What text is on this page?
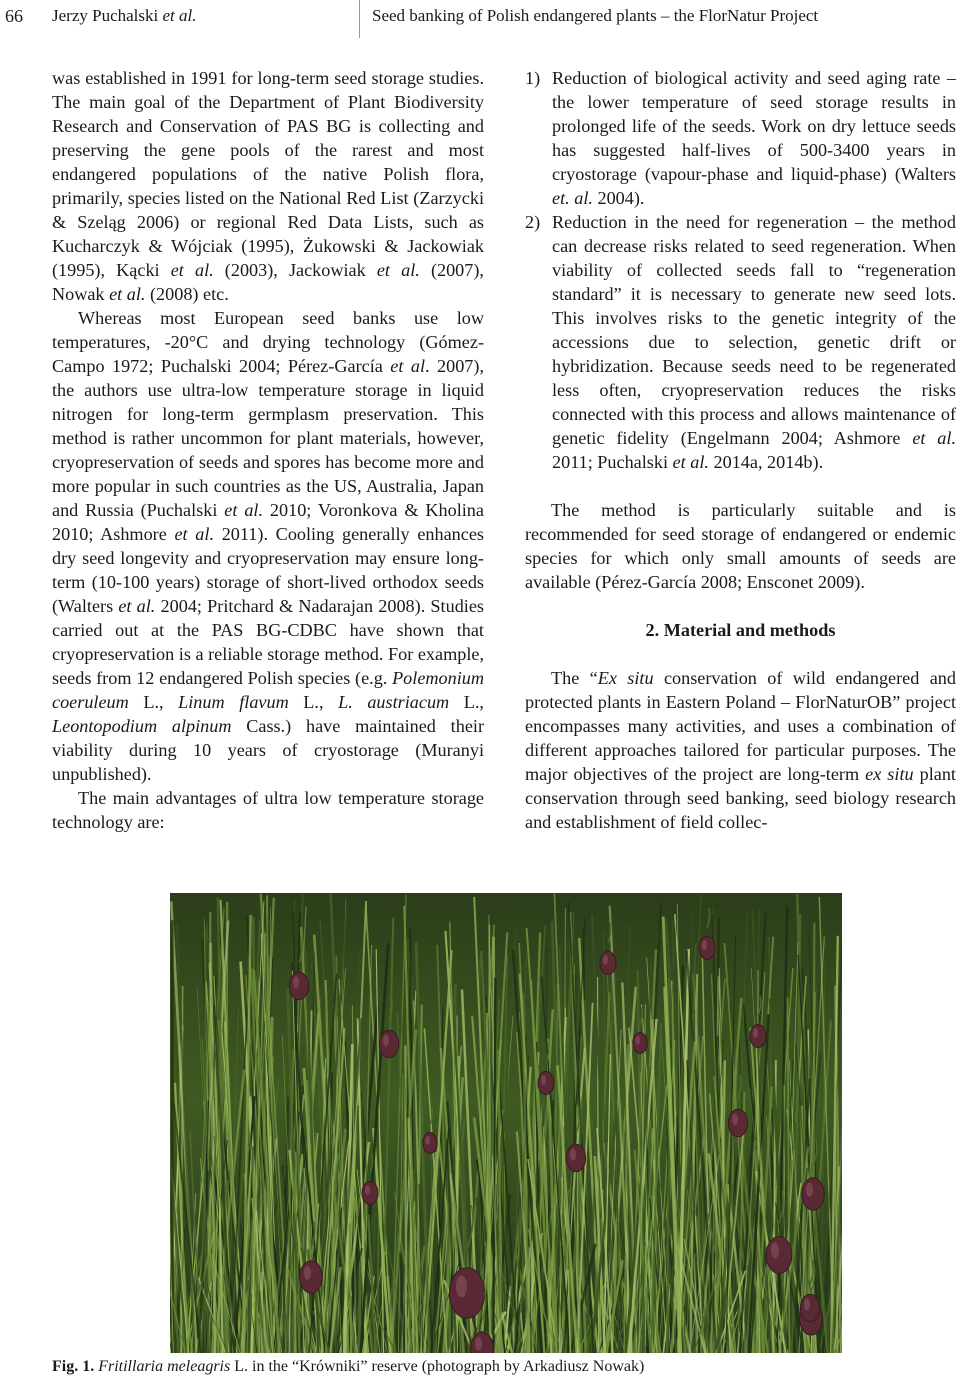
66 Jerzy Puchalski et al.	Seed banking of Polish endangered plants – the FlorNatur Project

was established in 1991 for long-term seed storage studies. The main goal of the Department of Plant Biodiversity Research and Conservation of PAS BG is collecting and preserving the gene pools of the rarest and most endangered populations of the native Polish flora, primarily, species listed on the National Red List (Zarzycki & Szeląg 2006) or regional Red Data Lists, such as Kucharczyk & Wójciak (1995), Żukowski & Jackowiak (1995), Kącki et al. (2003), Jackowiak et al. (2007), Nowak et al. (2008) etc.

Whereas most European seed banks use low temperatures, -20°C and drying technology (Gómez-Campo 1972; Puchalski 2004; Pérez-García et al. 2007), the authors use ultra-low temperature storage in liquid nitrogen for long-term germplasm preservation. This method is rather uncommon for plant materials, however, cryopreservation of seeds and spores has become more and more popular in such countries as the US, Australia, Japan and Russia (Puchalski et al. 2010; Voronkova & Kholina 2010; Ashmore et al. 2011). Cooling generally enhances dry seed longevity and cryopreservation may ensure long-term (10-100 years) storage of short-lived orthodox seeds (Walters et al. 2004; Pritchard & Nadarajan 2008). Studies carried out at the PAS BG-CDBC have shown that cryopreservation is a reliable storage method. For example, seeds from 12 endangered Polish species (e.g. Polemonium coeruleum L., Linum flavum L., L. austriacum L., Leontopodium alpinum Cass.) have maintained their viability during 10 years of cryostorage (Muranyi unpublished).

The main advantages of ultra low temperature storage technology are:

1) Reduction of biological activity and seed aging rate – the lower temperature of seed storage results in prolonged life of the seeds. Work on dry lettuce seeds has suggested half-lives of 500-3400 years in cryostorage (vapour-phase and liquid-phase) (Walters et. al. 2004).
2) Reduction in the need for regeneration – the method can decrease risks related to seed regeneration. When viability of collected seeds fall to “regeneration standard” it is necessary to generate new seed lots. This involves risks to the genetic integrity of the accessions due to selection, genetic drift or hybridization. Because seeds need to be regenerated less often, cryopreservation reduces the risks connected with this process and allows maintenance of genetic fidelity (Engelmann 2004; Ashmore et al. 2011; Puchalski et al. 2014a, 2014b).

The method is particularly suitable and is recommended for seed storage of endangered or endemic species for which only small amounts of seeds are available (Pérez-García 2008; Ensconet 2009).

2. Material and methods

The “Ex situ conservation of wild endangered and protected plants in Eastern Poland – FlorNaturOB” project encompasses many activities, and uses a combination of different approaches tailored for particular purposes. The major objectives of the project are long-term ex situ plant conservation through seed banking, seed biology research and establishment of field collec-

Fig. 1. Fritillaria meleagris L. in the “Krówniki” reserve (photograph by Arkadiusz Nowak)
